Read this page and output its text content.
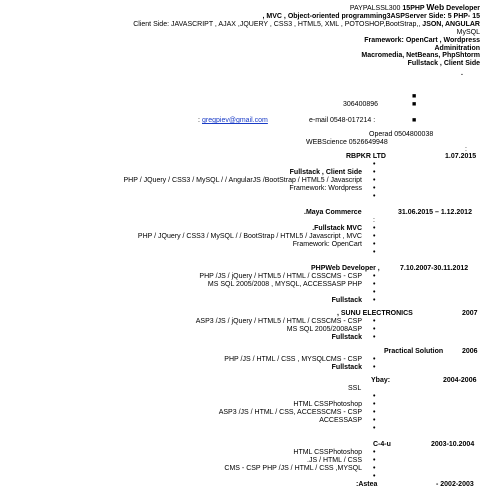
PAYPALSSL300 15PHP Web Developer
, MVC , Object-oriented programming3ASPServer Side: 5 PHP- 15
Client Side: JAVASCRIPT , AJAX ,JQUERY , CSS3 , HTML5, XML , POTOSHOP,BootStrap,, JSON, ANGULAR
MySQL
Framework: OpenCart , Wordpress
Adminitration
Macromedia, NetBeans, PhpShtorm
Fullstack , Client Side
.
■
306400896	■
: gregpiev@gmail.com	e-mail 0548-017214 :	■
Operad 0504800038
WEBScience 0526649948
:
RBPKR LTD	1.07.2015
•
Fullstack , Client Side •
PHP / JQuery / CSS3 / MySQL / / AngularJS /BootStrap / HTML5 / Javascript •
Framework: Wordpress •
•
.Maya Commerce	31.06.2015 – 1.12.2012
:
.Fullstack MVC •
PHP / JQuery / CSS3 / MySQL / / BootStrap / HTML5 / Javascript , MVC •
Framework: OpenCart •
•
PHPWeb Developer ,	7.10.2007-30.11.2012
PHP /JS / jQuery / HTML5 / HTML / CSSCMS - CSP •
MS SQL 2005/2008 , MYSQL, ACCESSASP PHP •
•
Fullstack •
, SUNU ELECTRONICS	2007
ASP3 /JS / jQuery / HTML5 / HTML / CSSCMS - CSP •
MS SQL 2005/2008ASP •
Fullstack •
Practical Solution	2006
PHP /JS / HTML / CSS , MYSQLCMS - CSP •
Fullstack •
Ybay:	2004-2006
SSL
•
HTML CSSPhotoshop •
ASP3 /JS / HTML / CSS, ACCESSCMS - CSP •
ACCESSASP •
•
C-4-u	2003-10.2004
HTML CSSPhotoshop •
.JS / HTML / CSS •
CMS - CSP PHP /JS / HTML / CSS ,MYSQL •
•
:Astea	- 2002-2003
